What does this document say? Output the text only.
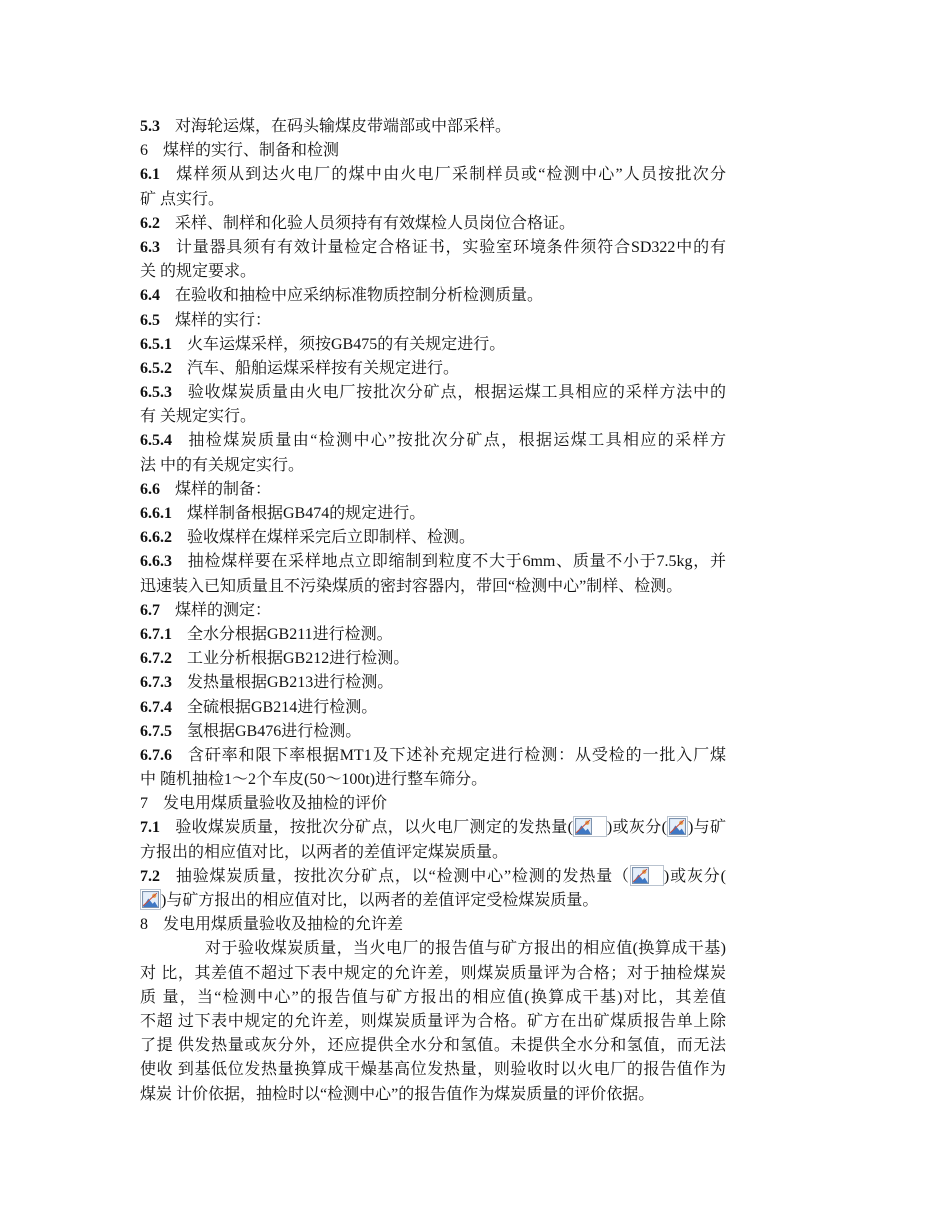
5.3 对海轮运煤，在码头输煤皮带端部或中部采样。
6 煤样的实行、制备和检测
6.1 煤样须从到达火电厂的煤中由火电厂采制样员或“检测中心”人员按批次分
矿 点实行。
6.2 采样、制样和化验人员须持有有效煤检人员岗位合格证。
6.3 计量器具须有有效计量检定合格证书，实验室环境条件须符合SD322中的有
关 的规定要求。
6.4 在验收和抽检中应采纳标准物质控制分析检测质量。
6.5 煤样的实行：
6.5.1 火车运煤采样，须按GB475的有关规定进行。
6.5.2 汽车、船舶运煤采样按有关规定进行。
6.5.3 验收煤炭质量由火电厂按批次分矿点，根据运煤工具相应的采样方法中的
有 关规定实行。
6.5.4 抽检煤炭质量由“检测中心”按批次分矿点，根据运煤工具相应的采样方
法 中的有关规定实行。
6.6 煤样的制备：
6.6.1 煤样制备根据GB474的规定进行。
6.6.2 验收煤样在煤样采完后立即制样、检测。
6.6.3 抽检煤样要在采样地点立即缩制到粒度不大于6mm、质量不小于7.5kg，并
迅速装入已知质量且不污染煤质的密封容器内，带回“检测中心”制样、检测。
6.7 煤样的测定：
6.7.1 全水分根据GB211进行检测。
6.7.2 工业分析根据GB212进行检测。
6.7.3 发热量根据GB213进行检测。
6.7.4 全硫根据GB214进行检测。
6.7.5 氢根据GB476进行检测。
6.7.6 含矸率和限下率根据MT1及下述补充规定进行检测：从受检的一批入厂煤
中 随机抽检1～2个车皮(50～100t)进行整车筛分。
7 发电用煤质量验收及抽检的评价
7.1 验收煤炭质量，按批次分矿点，以火电厂测定的发热量( )或灰分( )与矿
方报出的相应值对比，以两者的差值评定煤炭质量。
7.2 抽验煤炭质量，按批次分矿点，以“检测中心”检测的发热量（ )或灰分(
)与矿方报出的相应值对比，以两者的差值评定受检煤炭质量。
8 发电用煤质量验收及抽检的允许差
对于验收煤炭质量，当火电厂的报告值与矿方报出的相应值(换算成干基)
对 比，其差值不超过下表中规定的允许差，则煤炭质量评为合格；对于抽检煤炭
质 量，当“检测中心”的报告值与矿方报出的相应值(换算成干基)对比，其差值
不超 过下表中规定的允许差，则煤炭质量评为合格。矿方在出矿煤质报告单上除
了提 供发热量或灰分外，还应提供全水分和氢值。未提供全水分和氢值，而无法
使收 到基低位发热量换算成干燥基高位发热量，则验收时以火电厂的报告值作为
煤炭 计价依据，抽检时以“检测中心”的报告值作为煤炭质量的评价依据。
